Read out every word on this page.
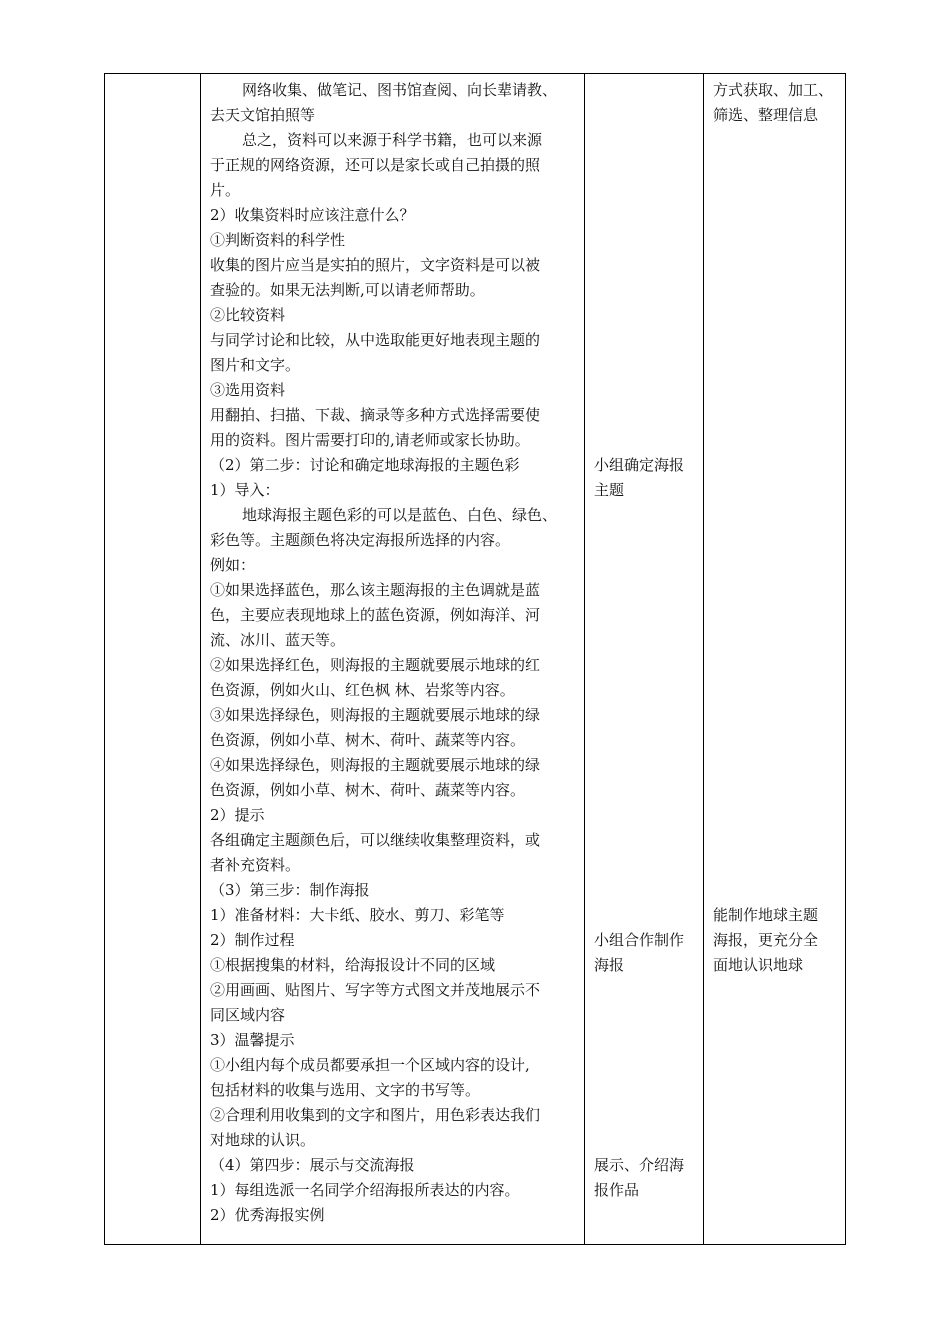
网络收集、做笔记、图书馆查阅、向长辈请教、

去天文馆拍照等

总之，资料可以来源于科学书籍，也可以来源

于正规的网络资源，还可以是家长或自己拍摄的照

片。

2）收集资料时应该注意什么？

①判断资料的科学性

收集的图片应当是实拍的照片，文字资料是可以被

查验的。如果无法判断,可以请老师帮助。

②比较资料

与同学讨论和比较，从中选取能更好地表现主题的

图片和文字。

③选用资料

用翻拍、扫描、下裁、摘录等多种方式选择需要使

用的资料。图片需要打印的,请老师或家长协助。

（2）第二步：讨论和确定地球海报的主题色彩

1）导入：

地球海报主题色彩的可以是蓝色、白色、绿色、

彩色等。主题颜色将决定海报所选择的内容。

例如：

①如果选择蓝色，那么该主题海报的主色调就是蓝

色，主要应表现地球上的蓝色资源，例如海洋、河

流、冰川、蓝天等。

②如果选择红色，则海报的主题就要展示地球的红

色资源，例如火山、红色枫 林、岩浆等内容。

③如果选择绿色，则海报的主题就要展示地球的绿

色资源，例如小草、树木、荷叶、蔬菜等内容。

④如果选择绿色，则海报的主题就要展示地球的绿

色资源，例如小草、树木、荷叶、蔬菜等内容。

2）提示

各组确定主题颜色后，可以继续收集整理资料，或

者补充资料。

（3）第三步：制作海报

1）准备材料：大卡纸、胶水、剪刀、彩笔等

2）制作过程

①根据搜集的材料，给海报设计不同的区域

②用画画、贴图片、写字等方式图文并茂地展示不

同区域内容

3）温馨提示

①小组内每个成员都要承担一个区域内容的设计,

包括材料的收集与选用、文字的书写等。

②合理利用收集到的文字和图片，用色彩表达我们

对地球的认识。

（4）第四步：展示与交流海报

1）每组选派一名同学介绍海报所表达的内容。

2）优秀海报实例

小组确定海报

主题

小组合作制作

海报

展示、介绍海

报作品

方式获取、加工、

筛选、整理信息

能制作地球主题

海报，更充分全

面地认识地球
